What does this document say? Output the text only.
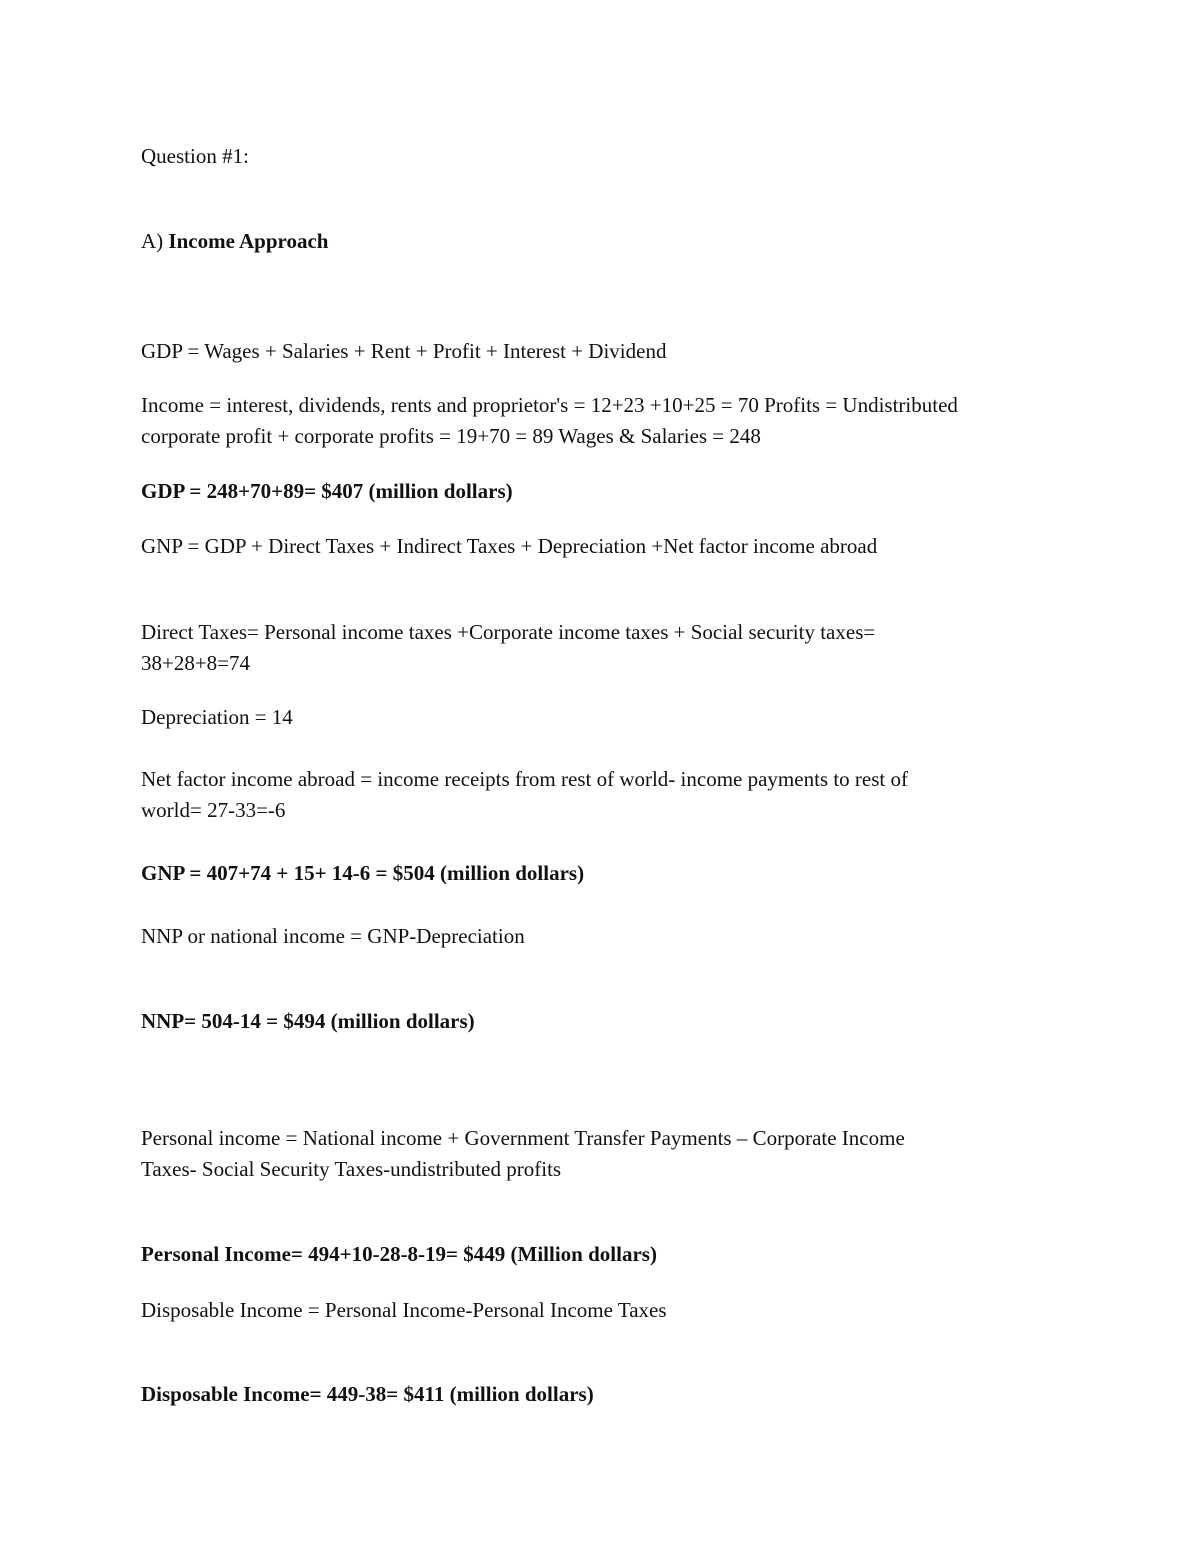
Question #1:

A) Income Approach

GDP = Wages + Salaries + Rent + Profit + Interest + Dividend

Income = interest, dividends, rents and proprietor's = 12+23 +10+25 = 70 Profits = Undistributed

corporate profit + corporate profits = 19+70 = 89 Wages & Salaries = 248

GDP = 248+70+89= $407 (million dollars)

GNP = GDP + Direct Taxes + Indirect Taxes + Depreciation +Net factor income abroad

Direct Taxes= Personal income taxes +Corporate income taxes + Social security taxes=

38+28+8=74

Depreciation = 14

Net factor income abroad = income receipts from rest of world- income payments to rest of

world= 27-33=-6

GNP = 407+74 + 15+ 14-6 = $504 (million dollars)

NNP or national income = GNP-Depreciation

NNP= 504-14 = $494 (million dollars)

Personal income = National income + Government Transfer Payments – Corporate Income

Taxes- Social Security Taxes-undistributed profits

Personal Income= 494+10-28-8-19= $449 (Million dollars)

Disposable Income = Personal Income-Personal Income Taxes

Disposable Income= 449-38= $411 (million dollars)
